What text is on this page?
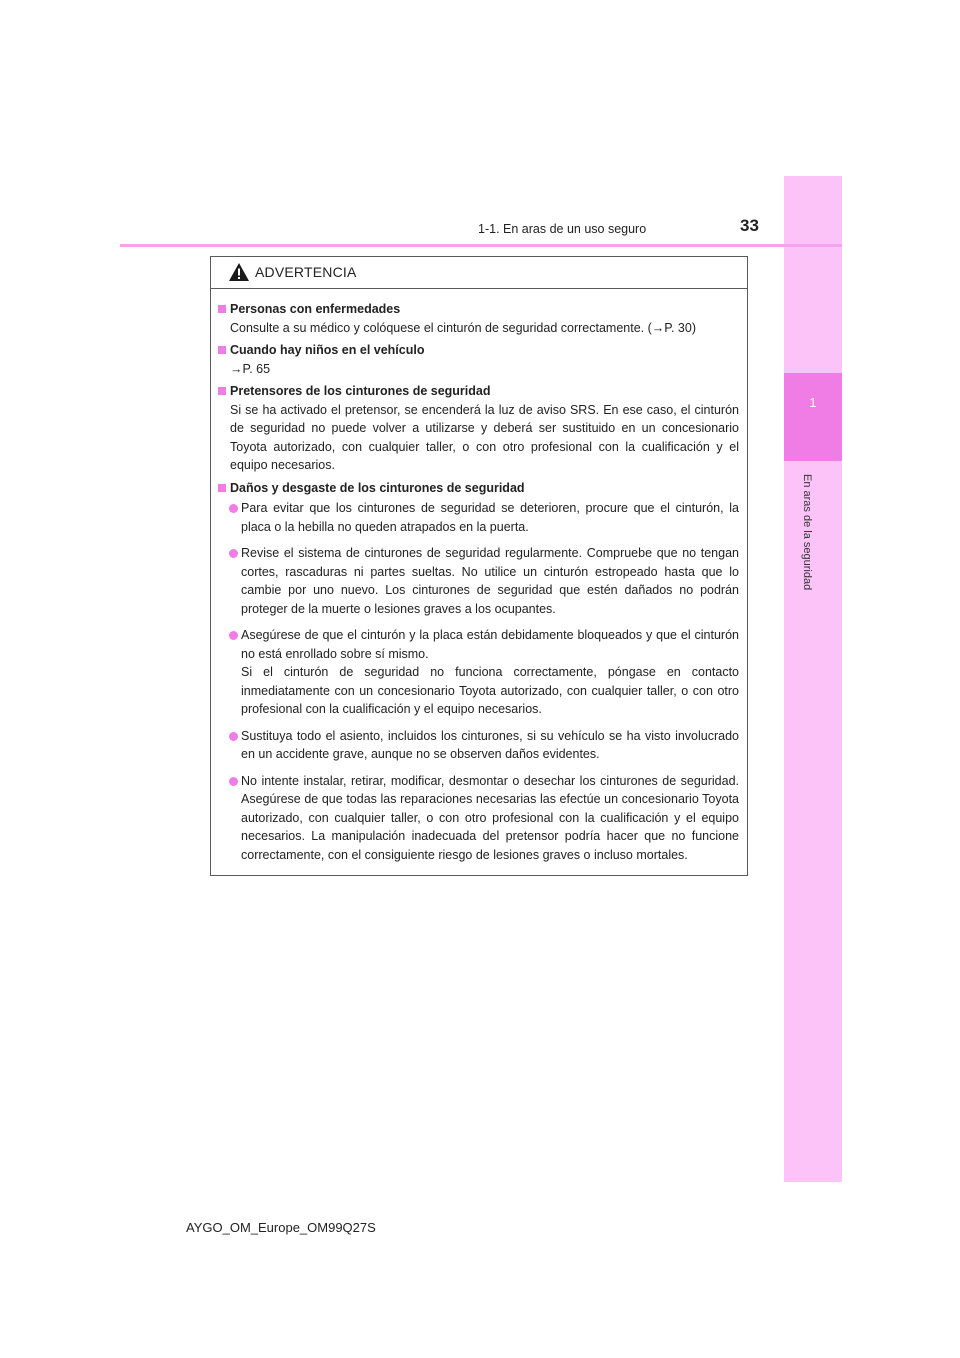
1
En aras de la seguridad
1-1. En aras de un uso seguro	33
ADVERTENCIA
Personas con enfermedades
Consulte a su médico y colóquese el cinturón de seguridad correctamente. (→P. 30)
Cuando hay niños en el vehículo
→P. 65
Pretensores de los cinturones de seguridad
Si se ha activado el pretensor, se encenderá la luz de aviso SRS. En ese caso, el cinturón de seguridad no puede volver a utilizarse y deberá ser sustituido en un concesionario Toyota autorizado, con cualquier taller, o con otro profesional con la cualificación y el equipo necesarios.
Daños y desgaste de los cinturones de seguridad
Para evitar que los cinturones de seguridad se deterioren, procure que el cinturón, la placa o la hebilla no queden atrapados en la puerta.
Revise el sistema de cinturones de seguridad regularmente. Compruebe que no tengan cortes, rascaduras ni partes sueltas. No utilice un cinturón estropeado hasta que lo cambie por uno nuevo. Los cinturones de seguridad que estén dañados no podrán proteger de la muerte o lesiones graves a los ocupantes.
Asegúrese de que el cinturón y la placa están debidamente bloqueados y que el cinturón no está enrollado sobre sí mismo.
Si el cinturón de seguridad no funciona correctamente, póngase en contacto inmediatamente con un concesionario Toyota autorizado, con cualquier taller, o con otro profesional con la cualificación y el equipo necesarios.
Sustituya todo el asiento, incluidos los cinturones, si su vehículo se ha visto involucrado en un accidente grave, aunque no se observen daños evidentes.
No intente instalar, retirar, modificar, desmontar o desechar los cinturones de seguridad. Asegúrese de que todas las reparaciones necesarias las efectúe un concesionario Toyota autorizado, con cualquier taller, o con otro profesional con la cualificación y el equipo necesarios. La manipulación inadecuada del pretensor podría hacer que no funcione correctamente, con el consiguiente riesgo de lesiones graves o incluso mortales.
AYGO_OM_Europe_OM99Q27S
